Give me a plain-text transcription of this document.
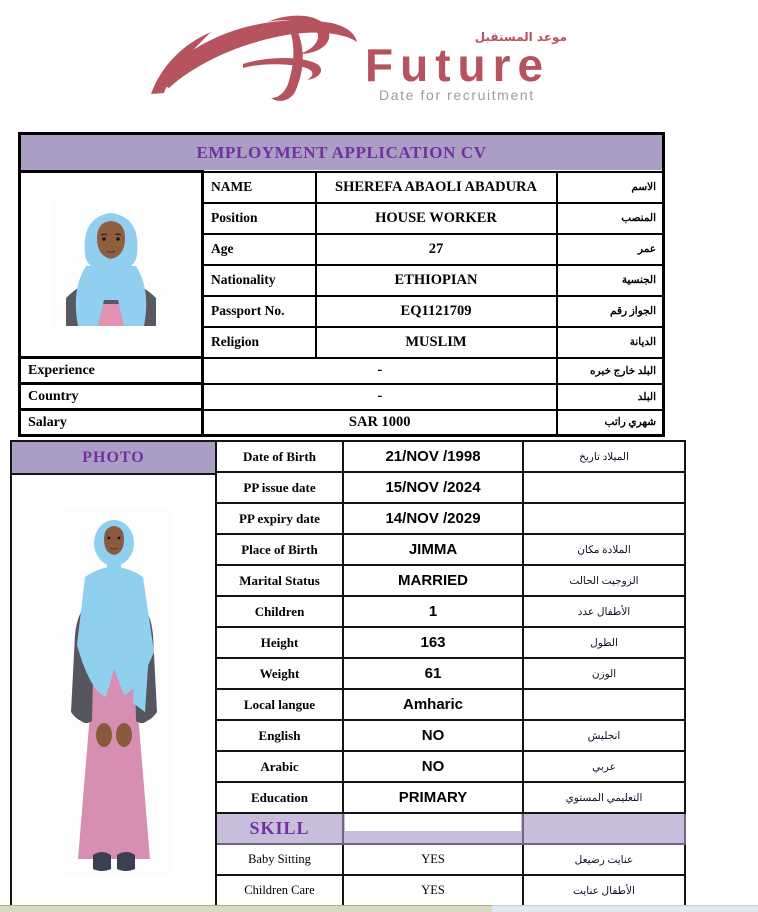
موعد المستقبل
Future
Date for recruitment
EMPLOYMENT APPLICATION CV			
	NAME	SHEREFA ABAOLI ABADURA	الاسم
	Position	HOUSE WORKER	المنصب
	Age	27	عمر
	Nationality	ETHIOPIAN	الجنسية
	Passport No.	EQ1121709	الجواز رقم
	Religion	MUSLIM	الديانة
Experience	-		البلد خارج خبره
Country	-		البلد
Salary	SAR 1000		شهري راتب
PHOTO	Date of Birth	21/NOV /1998	الميلاد تاريخ
	PP issue date	15/NOV /2024	
	PP expiry date	14/NOV /2029	
	Place of Birth	JIMMA	الملادة مكان
	Marital Status	MARRIED	الزوجيت الحالت
	Children	1	الأطفال عدد
	Height	163	الطول
	Weight	61	الوزن
	Local langue	Amharic	
	English	NO	انجليش
	Arabic	NO	عربي
	Education	PRIMARY	التعليمي المستوي
	SKILL	

	Baby Sitting	YES	عنايت رضيعل
	Children Care	YES	الأطفال عنايت
